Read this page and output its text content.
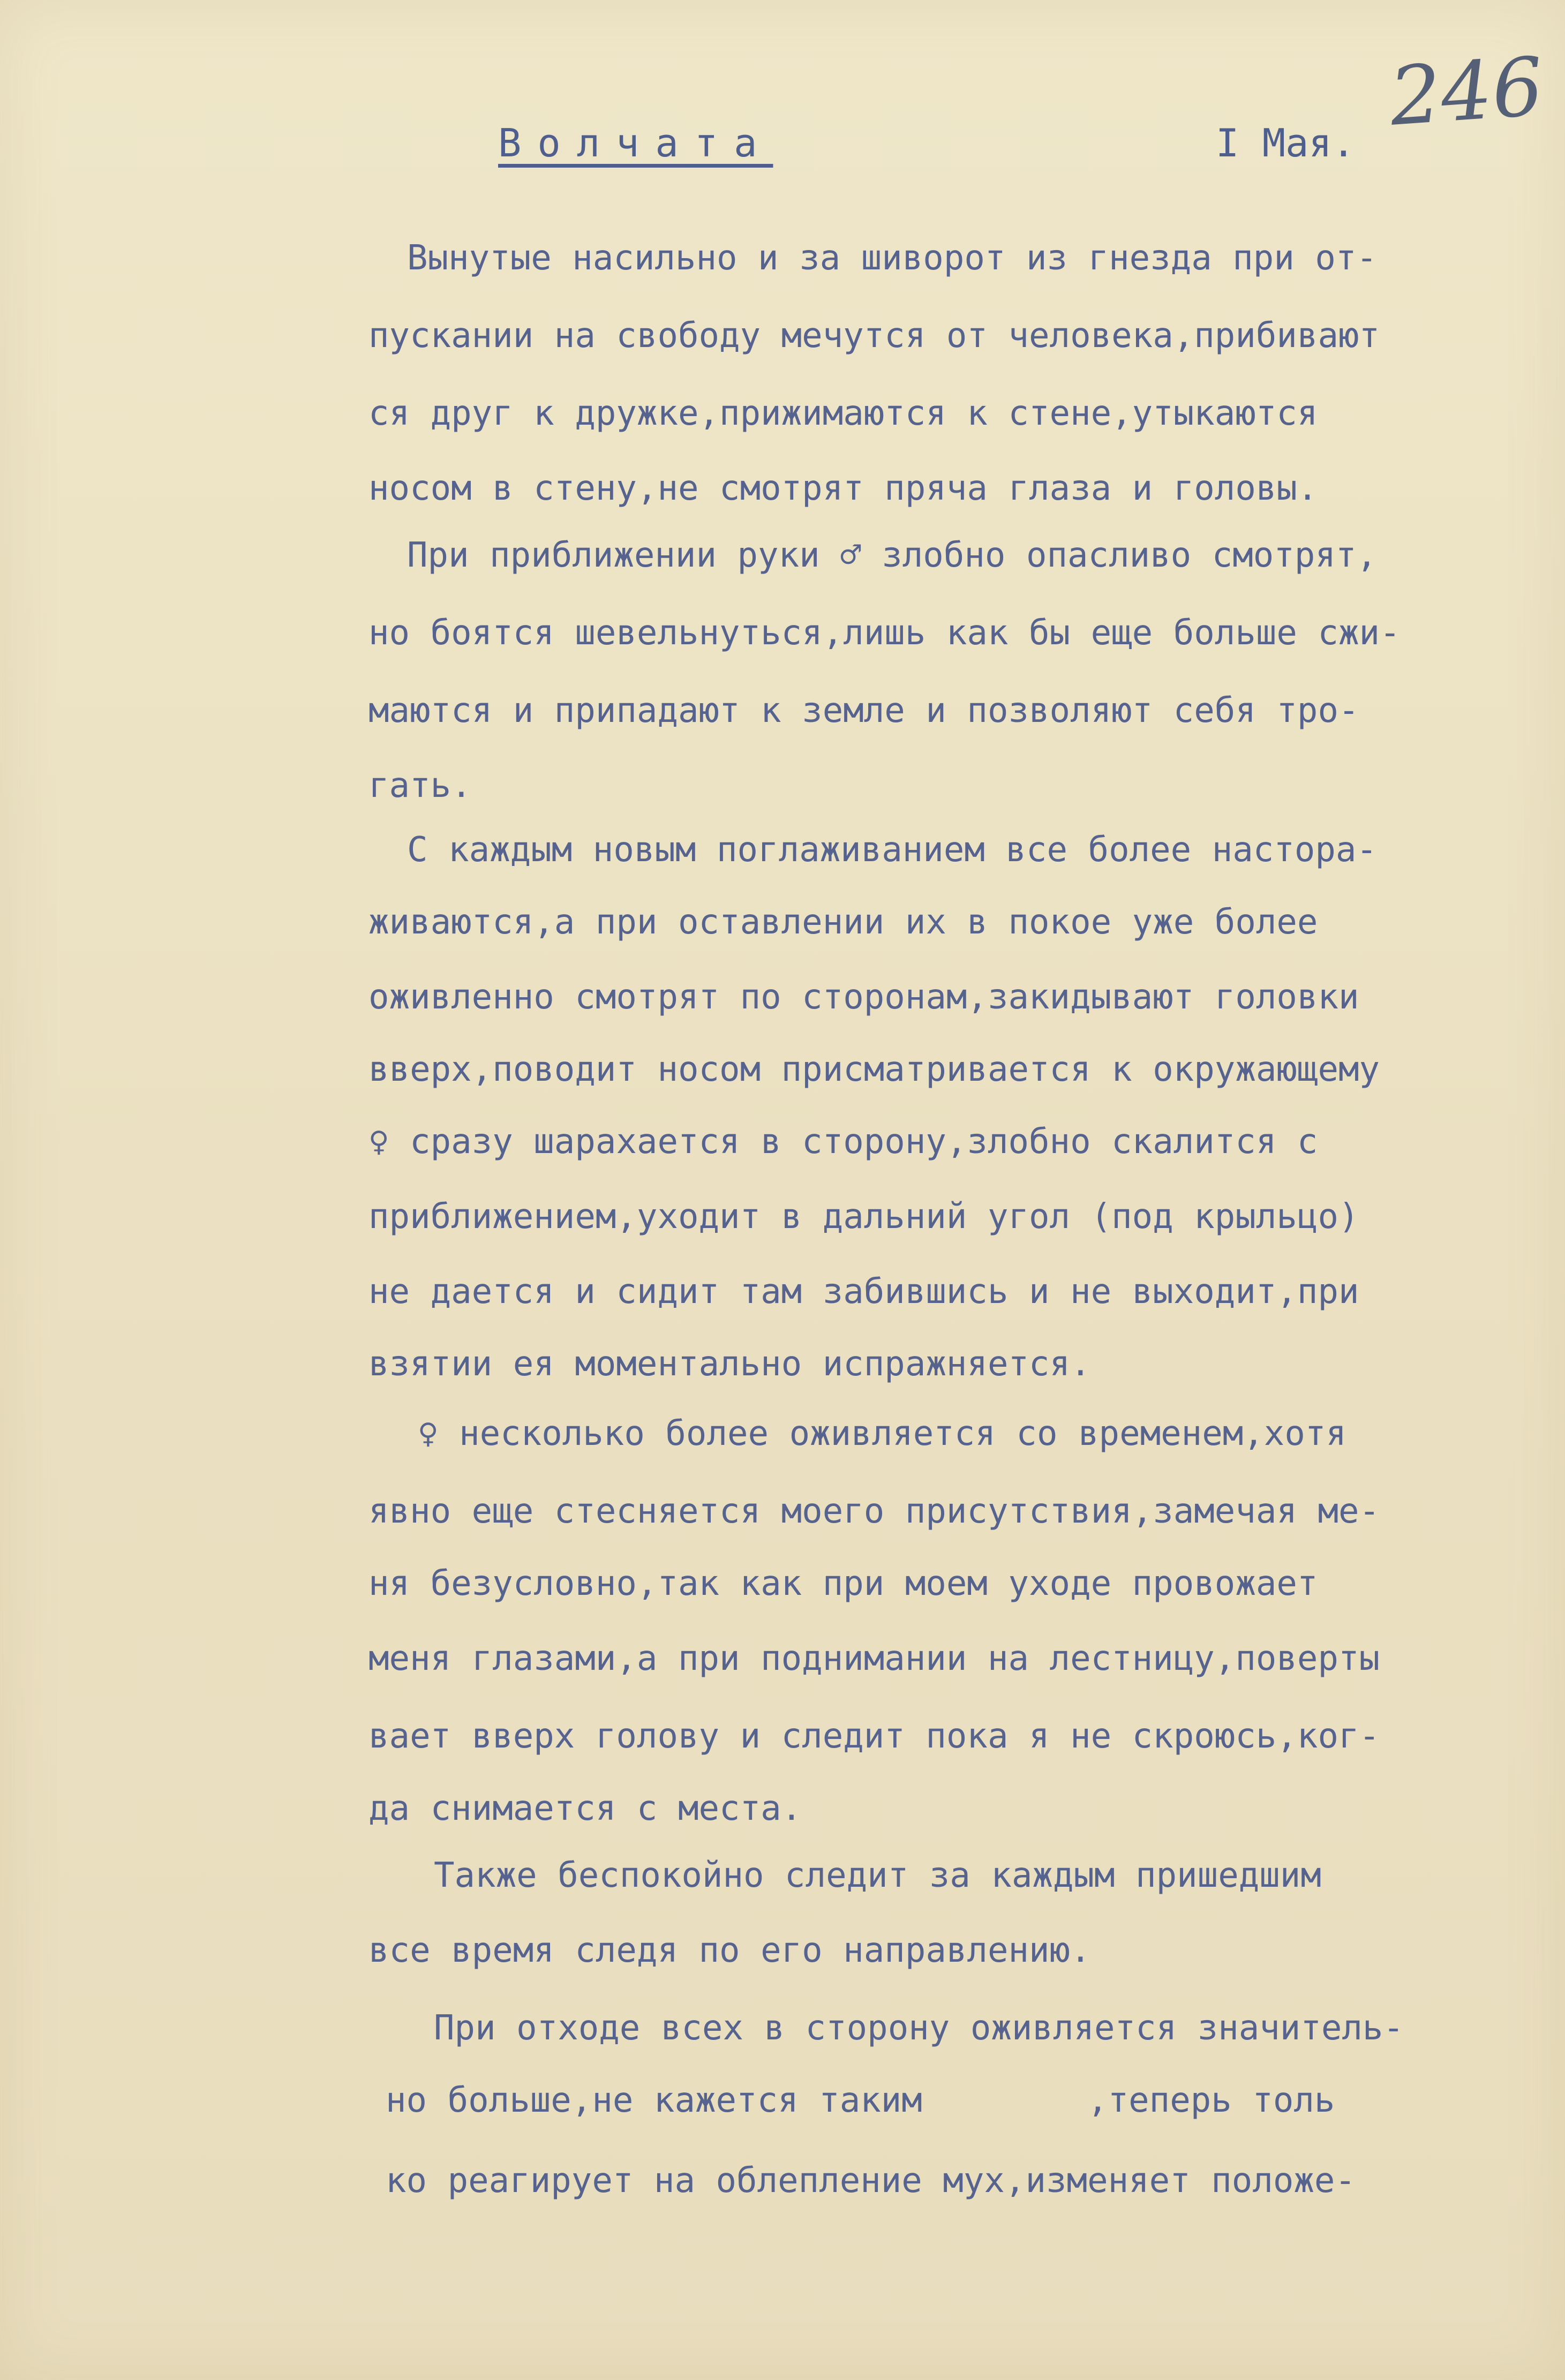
246
Волчата	I Мая.
Вынутые насильно и за шиворот из гнезда при от-
пускании на свободу мечутся от человека,прибивают
ся друг к дружке,прижимаются к стене,утыкаются
носом в стену,не смотрят пряча глаза и головы.
При приближении руки ♂ злобно опасливо смотрят,
но боятся шевельнуться,лишь как бы еще больше сжи-
маются и припадают к земле и позволяют себя тро-
гать.
С каждым новым поглаживанием все более настора-
живаются,а при оставлении их в покое уже более
оживленно смотрят по сторонам,закидывают головки
вверх,поводит носом присматривается к окружающему
♀ сразу шарахается в сторону,злобно скалится с
приближением,уходит в дальний угол (под крыльцо)
не дается и сидит там забившись и не выходит,при
взятии ея моментально испражняется.
♀ несколько более оживляется со временем,хотя
явно еще стесняется моего присутствия,замечая ме-
ня безусловно,так как при моем уходе провожает
меня глазами,а при поднимании на лестницу,поверты
вает вверх голову и следит пока я не скроюсь,ког-
да снимается с места.
Также беспокойно следит за каждым пришедшим
все время следя по его направлению.
При отходе всех в сторону оживляется значитель-
но больше,не кажется таким        ,теперь толь
ко реагирует на облепление мух,изменяет положе-
